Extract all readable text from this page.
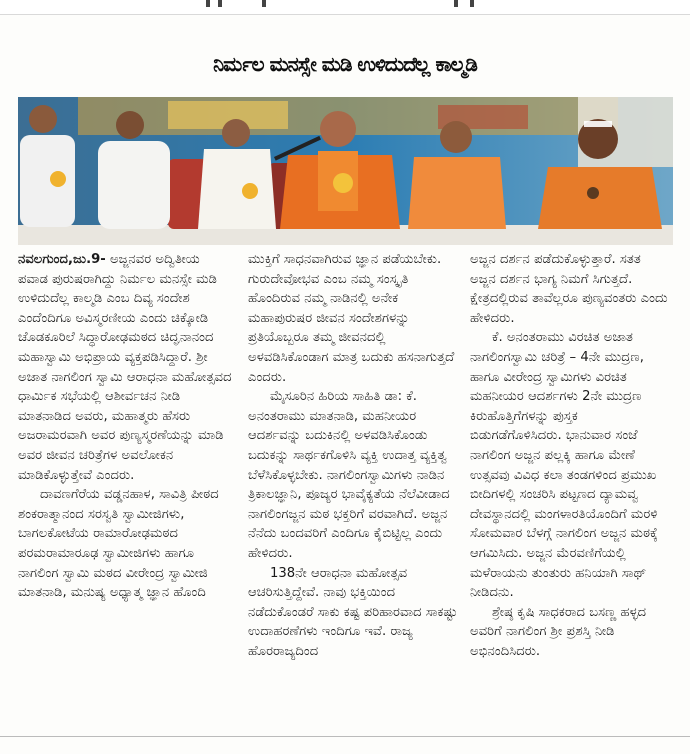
ನಿರ್ಮಲ ಮನಸ್ಸೇ ಮಡಿ ಉಳಿದುದೆಲ್ಲ ಕಾಲ್ಮಡಿ

ನವಲಗುಂದ,ಜು.9- ಅಜ್ಜನವರ ಅದ್ವಿತೀಯ ಪವಾಡ ಪುರುಷರಾಗಿದ್ದು ನಿರ್ಮಲ ಮನಸ್ಸೇ ಮಡಿ ಉಳಿದುದೆಲ್ಲ ಕಾಲ್ಮಡಿ ಎಂಬ ದಿವ್ಯ ಸಂದೇಶ ಎಂದೆಂದಿಗೂ ಅವಿಸ್ಮರಣೀಯ ಎಂದು ಚಿಕ್ಕೋಡಿ ಚೊಡಕೂರಿಲೆ ಸಿದ್ಧಾರೋಢಮಠದ ಚಿದ್ಘನಾನಂದ ಮಹಾಸ್ವಾಮಿ ಅಭಿಪ್ರಾಯ ವ್ಯಕ್ತಪಡಿಸಿದ್ದಾರೆ. ಶ್ರೀ ಅಜಾತ ನಾಗಲಿಂಗ ಸ್ವಾಮಿ ಆರಾಧನಾ ಮಹೋತ್ಸವದ ಧಾರ್ಮಿಕ ಸಭೆಯಲ್ಲಿ ಆಶೀರ್ವಚನ ನೀಡಿ ಮಾತನಾಡಿದ ಅವರು, ಮಹಾತ್ಮರು ಹೆಸರು ಅಜರಾಮರವಾಗಿ ಅವರ ಪುಣ್ಯಸ್ಮರಣೆಯನ್ನು ಮಾಡಿ ಅವರ ಜೀವನ ಚರಿತ್ರೆಗಳ ಅವಲೋಕನ ಮಾಡಿಕೊಳ್ಳುತ್ತೇವೆ ಎಂದರು.

ದಾವಣಗೆರೆಯ ವಡ್ಡನಹಾಳ, ಸಾವಿತ್ರಿ ಪೀಠದ ಶಂಕರಾತ್ಮಾನಂದ ಸರಸ್ವತಿ ಸ್ವಾಮೀಜಿಗಳು, ಬಾಗಲಕೋಟೆಯ ರಾಮಾರೋಢಮಠದ ಪರಮರಾಮಾರೂಢ ಸ್ವಾಮೀಜಿಗಳು ಹಾಗೂ ನಾಗಲಿಂಗ ಸ್ವಾಮಿ ಮಠದ ವೀರೇಂದ್ರ ಸ್ವಾಮೀಜಿ ಮಾತನಾಡಿ, ಮನುಷ್ಯ ಅಧ್ಯಾತ್ಮ ಜ್ಞಾನ ಹೊಂದಿ

ಮುಕ್ತಿಗೆ ಸಾಧನವಾಗಿರುವ ಜ್ಞಾನ ಪಡೆಯಬೇಕು. ಗುರುದೇವೋಭವ ಎಂಬ ನಮ್ಮ ಸಂಸ್ಕೃತಿ ಹೊಂದಿರುವ ನಮ್ಮ ನಾಡಿನಲ್ಲಿ ಅನೇಕ ಮಹಾಪುರುಷರ ಜೀವನ ಸಂದೇಶಗಳನ್ನು ಪ್ರತಿಯೊಬ್ಬರೂ ತಮ್ಮ ಜೀವನದಲ್ಲಿ ಅಳವಡಿಸಿಕೊಂಡಾಗ ಮಾತ್ರ ಬದುಕು ಹಸನಾಗುತ್ತದೆ ಎಂದರು.

ಮೈಸೂರಿನ ಹಿರಿಯ ಸಾಹಿತಿ ಡಾ: ಕೆ. ಅನಂತರಾಮು ಮಾತನಾಡಿ, ಮಹನೀಯರ ಆದರ್ಶವನ್ನು ಬದುಕಿನಲ್ಲಿ ಅಳವಡಿಸಿಕೊಂಡು ಬದುಕನ್ನು ಸಾರ್ಥಕಗೊಳಿಸಿ ವ್ಯಕ್ತಿ ಉದಾತ್ತ ವ್ಯಕ್ತಿತ್ವ ಬೆಳೆಸಿಕೊಳ್ಳಬೇಕು. ನಾಗಲಿಂಗಸ್ವಾಮಿಗಳು ನಾಡಿನ ತ್ರಿಕಾಲಜ್ಞಾನಿ, ಪೂಜ್ಯರ ಭಾವೈಕ್ಯತೆಯ ನೆಲೆವೀಡಾದ ನಾಗಲಿಂಗಜ್ಜನ ಮಠ ಭಕ್ತರಿಗೆ ವರವಾಗಿದೆ. ಅಜ್ಜನ ನೆನೆದು ಬಂದವರಿಗೆ ಎಂದಿಗೂ ಕೈಬಿಟ್ಟಿಲ್ಲ ಎಂದು ಹೇಳಿದರು.

138ನೇ ಆರಾಧನಾ ಮಹೋತ್ಸವ ಆಚರಿಸುತ್ತಿದ್ದೇವೆ. ನಾವು ಭಕ್ತಿಯಿಂದ ನಡೆದುಕೊಂಡರೆ ಸಾಕು ಕಷ್ಟ ಪರಿಹಾರವಾದ ಸಾಕಷ್ಟು ಉದಾಹರಣೆಗಳು ಇಂದಿಗೂ ಇವೆ. ರಾಜ್ಯ ಹೊರರಾಜ್ಯದಿಂದ

ಅಜ್ಜನ ದರ್ಶನ ಪಡೆದುಕೊಳ್ಳುತ್ತಾರೆ. ಸತತ ಅಜ್ಜನ ದರ್ಶನ ಭಾಗ್ಯ ನಿಮಗೆ ಸಿಗುತ್ತದೆ. ಕ್ಷೇತ್ರದಲ್ಲಿರುವ ತಾವೆಲ್ಲರೂ ಪುಣ್ಯವಂತರು ಎಂದು ಹೇಳಿದರು.

ಕೆ. ಅನಂತರಾಮು ವಿರಚಿತ ಅಜಾತ ನಾಗಲಿಂಗಸ್ವಾಮಿ ಚರಿತ್ರೆ – 4ನೇ ಮುದ್ರಣ, ಹಾಗೂ ವೀರೇಂದ್ರ ಸ್ವಾಮಿಗಳು ವಿರಚಿತ ಮಹನೀಯರ ಆದರ್ಶಗಳು 2ನೇ ಮುದ್ರಣ ಕಿರುಹೊತ್ತಿಗೆಗಳನ್ನು ಪುಸ್ತಕ ಬಿಡುಗಡೆಗೊಳಿಸಿದರು. ಭಾನುವಾರ ಸಂಜೆ ನಾಗಲಿಂಗ ಅಜ್ಜನ ಪಲ್ಲಕ್ಕಿ ಹಾಗೂ ಮೇಣೆ ಉತ್ಸವವು ವಿವಿಧ ಕಲಾ ತಂಡಗಳಿಂದ ಪ್ರಮುಖ ಬೀದಿಗಳಲ್ಲಿ ಸಂಚರಿಸಿ ಪಟ್ಟಣದ ದ್ಯಾಮವ್ವ ದೇವಸ್ಥಾನದಲ್ಲಿ ಮಂಗಳಾರತಿಯೊಂದಿಗೆ ಮರಳಿ ಸೋಮವಾರ ಬೆಳಗ್ಗೆ ನಾಗಲಿಂಗ ಅಜ್ಜನ ಮಠಕ್ಕೆ ಆಗಮಿಸಿದು. ಅಜ್ಜನ ಮೆರವಣಿಗೆಯಲ್ಲಿ ಮಳೆರಾಯನು ತುಂತುರು ಹನಿಯಾಗಿ ಸಾಥ್ ನೀಡಿದನು.

ಶ್ರೇಷ್ಠ ಕೃಷಿ ಸಾಧಕರಾದ ಬಸಣ್ಣ ಹಳ್ಳದ ಅವರಿಗೆ ನಾಗಲಿಂಗ ಶ್ರೀ ಪ್ರಶಸ್ತಿ ನೀಡಿ ಅಭಿನಂದಿಸಿದರು.
